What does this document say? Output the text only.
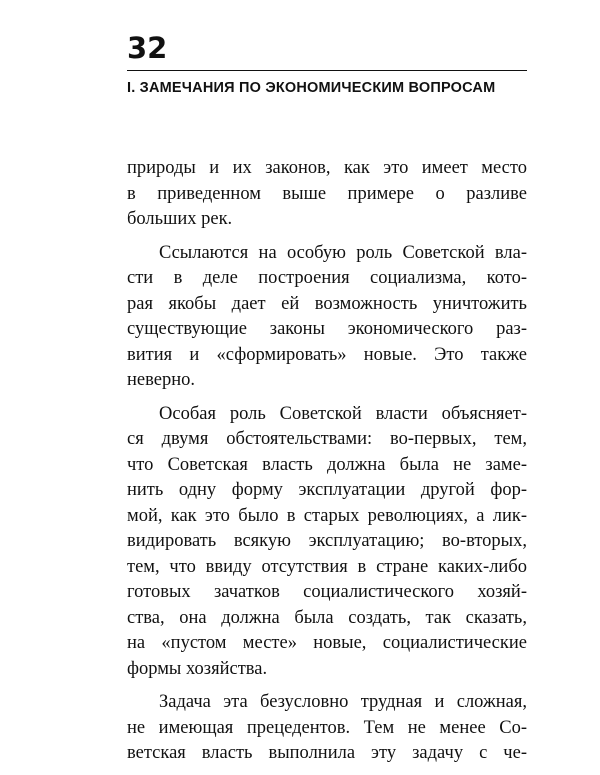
32
I. ЗАМЕЧАНИЯ ПО ЭКОНОМИЧЕСКИМ ВОПРОСАМ
природы и их законов, как это имеет место
в приведенном выше примере о разливе
больших рек.
Ссылаются на особую роль Советской вла-
сти в деле построения социализма, кото-
рая якобы дает ей возможность уничтожить
существующие законы экономического раз-
вития и «сформировать» новые. Это также
неверно.
Особая роль Советской власти объясняет-
ся двумя обстоятельствами: во-первых, тем,
что Советская власть должна была не заме-
нить одну форму эксплуатации другой фор-
мой, как это было в старых революциях, а лик-
видировать всякую эксплуатацию; во-вторых,
тем, что ввиду отсутствия в стране каких-либо
готовых зачатков социалистического хозяй-
ства, она должна была создать, так сказать,
на «пустом месте» новые, социалистические
формы хозяйства.
Задача эта безусловно трудная и сложная,
не имеющая прецедентов. Тем не менее Со-
ветская власть выполнила эту задачу с че-
